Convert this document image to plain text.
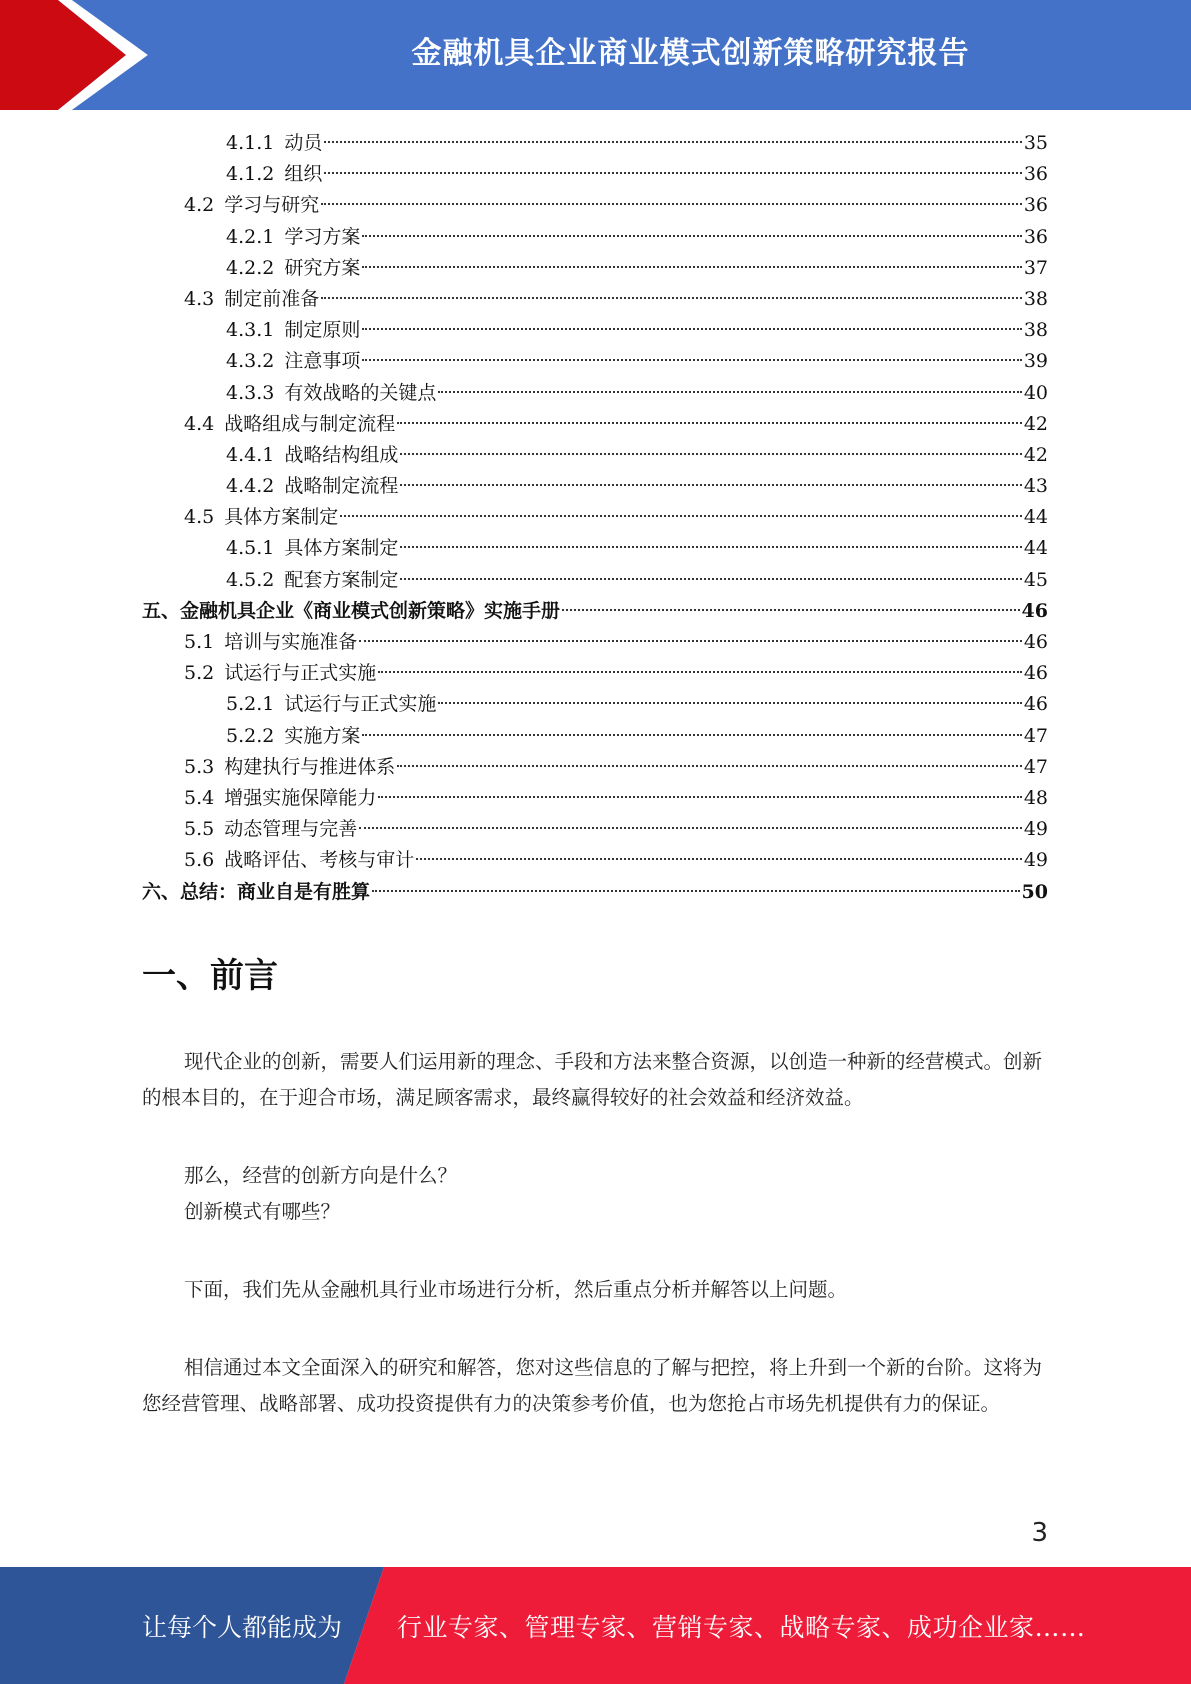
金融机具企业商业模式创新策略研究报告
4.1.1 动员	35
4.1.2 组织	36
4.2 学习与研究	36
4.2.1 学习方案	36
4.2.2 研究方案	37
4.3 制定前准备	38
4.3.1 制定原则	38
4.3.2 注意事项	39
4.3.3 有效战略的关键点	40
4.4 战略组成与制定流程	42
4.4.1 战略结构组成	42
4.4.2 战略制定流程	43
4.5 具体方案制定	44
4.5.1 具体方案制定	44
4.5.2 配套方案制定	45
五、金融机具企业《商业模式创新策略》实施手册	46
5.1 培训与实施准备	46
5.2 试运行与正式实施	46
5.2.1 试运行与正式实施	46
5.2.2 实施方案	47
5.3 构建执行与推进体系	47
5.4 增强实施保障能力	48
5.5 动态管理与完善	49
5.6 战略评估、考核与审计	49
六、总结：商业自是有胜算	50
一、前言

现代企业的创新，需要人们运用新的理念、手段和方法来整合资源，以创造一种新的经营模式。创新的根本目的，在于迎合市场，满足顾客需求，最终赢得较好的社会效益和经济效益。

那么，经营的创新方向是什么？

创新模式有哪些？

下面，我们先从金融机具行业市场进行分析，然后重点分析并解答以上问题。

相信通过本文全面深入的研究和解答，您对这些信息的了解与把控，将上升到一个新的台阶。这将为您经营管理、战略部署、成功投资提供有力的决策参考价值，也为您抢占市场先机提供有力的保证。

3
让每个人都能成为 行业专家、管理专家、营销专家、战略专家、成功企业家……
